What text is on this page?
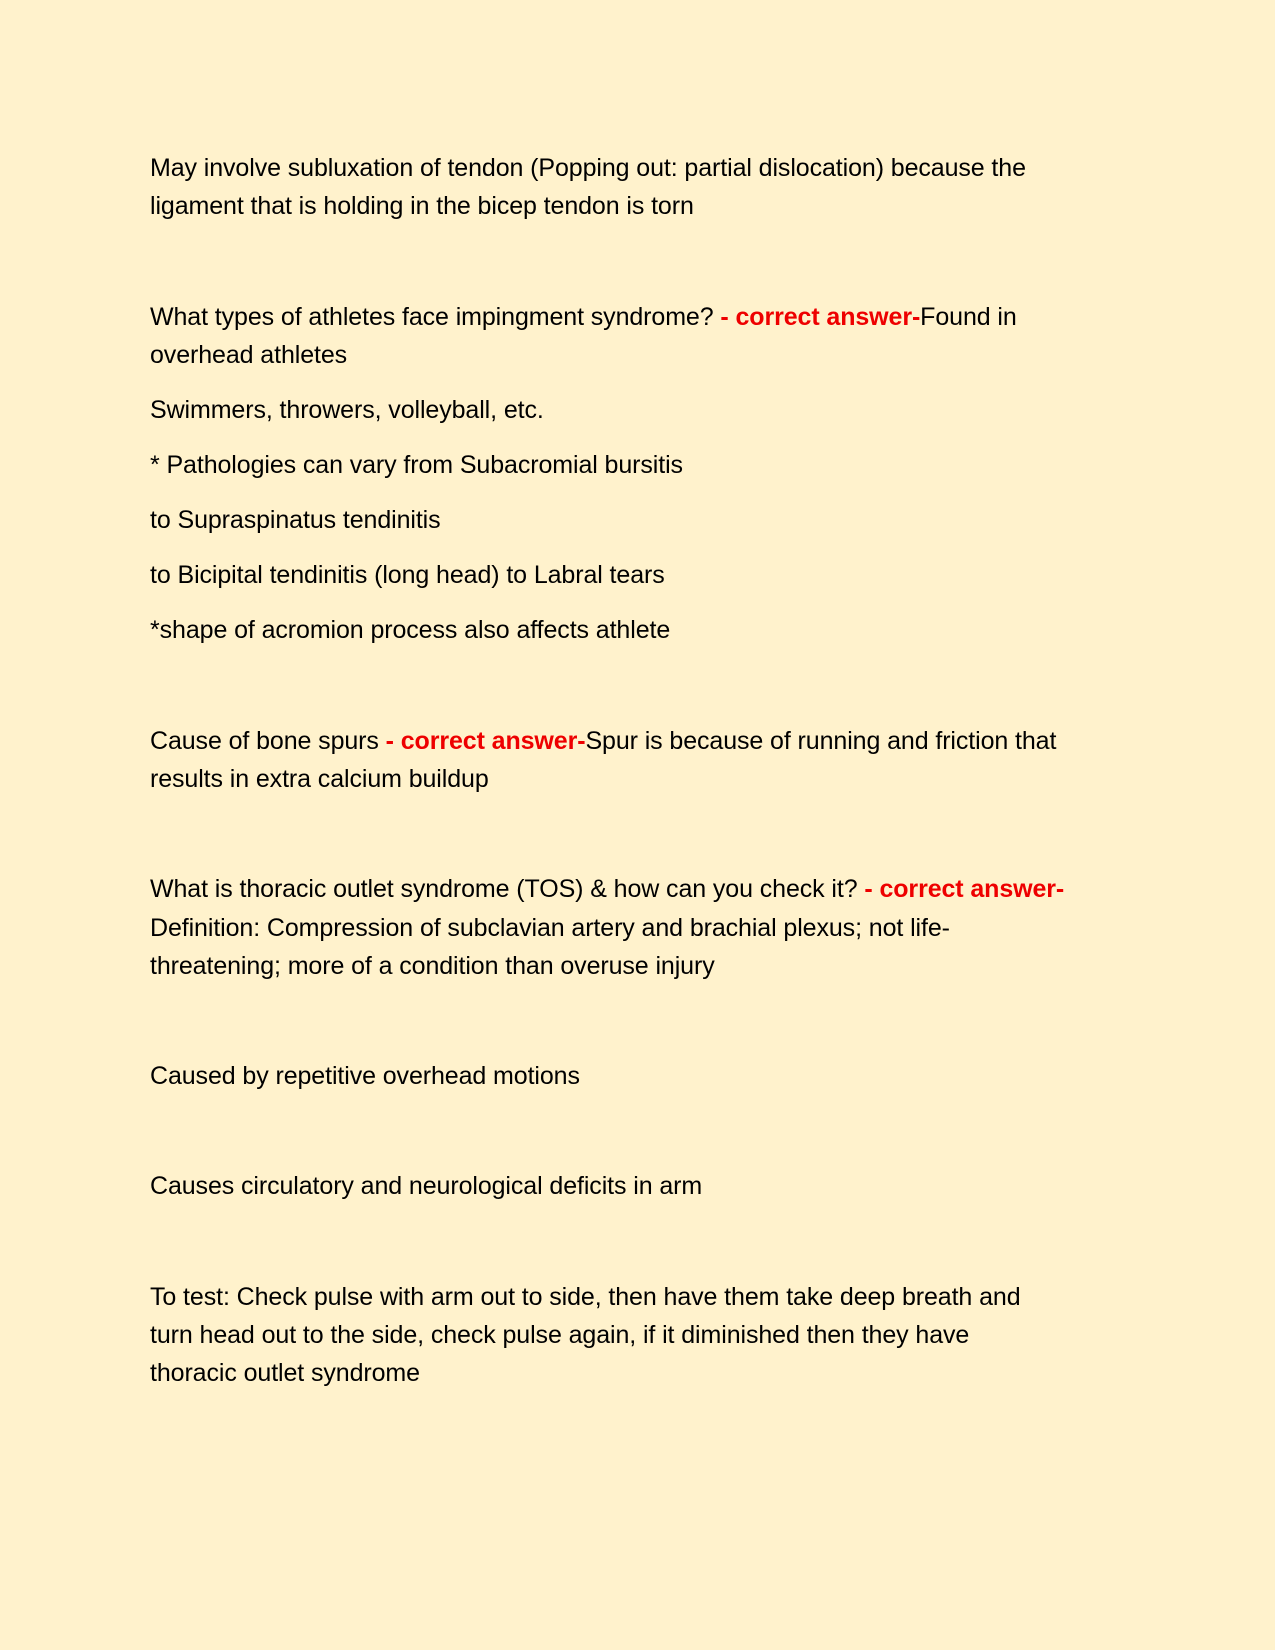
May involve subluxation of tendon (Popping out: partial dislocation) because the
ligament that is holding in the bicep tendon is torn
What types of athletes face impingment syndrome? - correct answer-Found in
overhead athletes
Swimmers, throwers, volleyball, etc.
* Pathologies can vary from Subacromial bursitis
to Supraspinatus tendinitis
to Bicipital tendinitis (long head) to Labral tears
*shape of acromion process also affects athlete
Cause of bone spurs - correct answer-Spur is because of running and friction that
results in extra calcium buildup
What is thoracic outlet syndrome (TOS) & how can you check it? - correct answer-
Definition: Compression of subclavian artery and brachial plexus; not life-
threatening; more of a condition than overuse injury
Caused by repetitive overhead motions
Causes circulatory and neurological deficits in arm
To test: Check pulse with arm out to side, then have them take deep breath and
turn head out to the side, check pulse again, if it diminished then they have
thoracic outlet syndrome
